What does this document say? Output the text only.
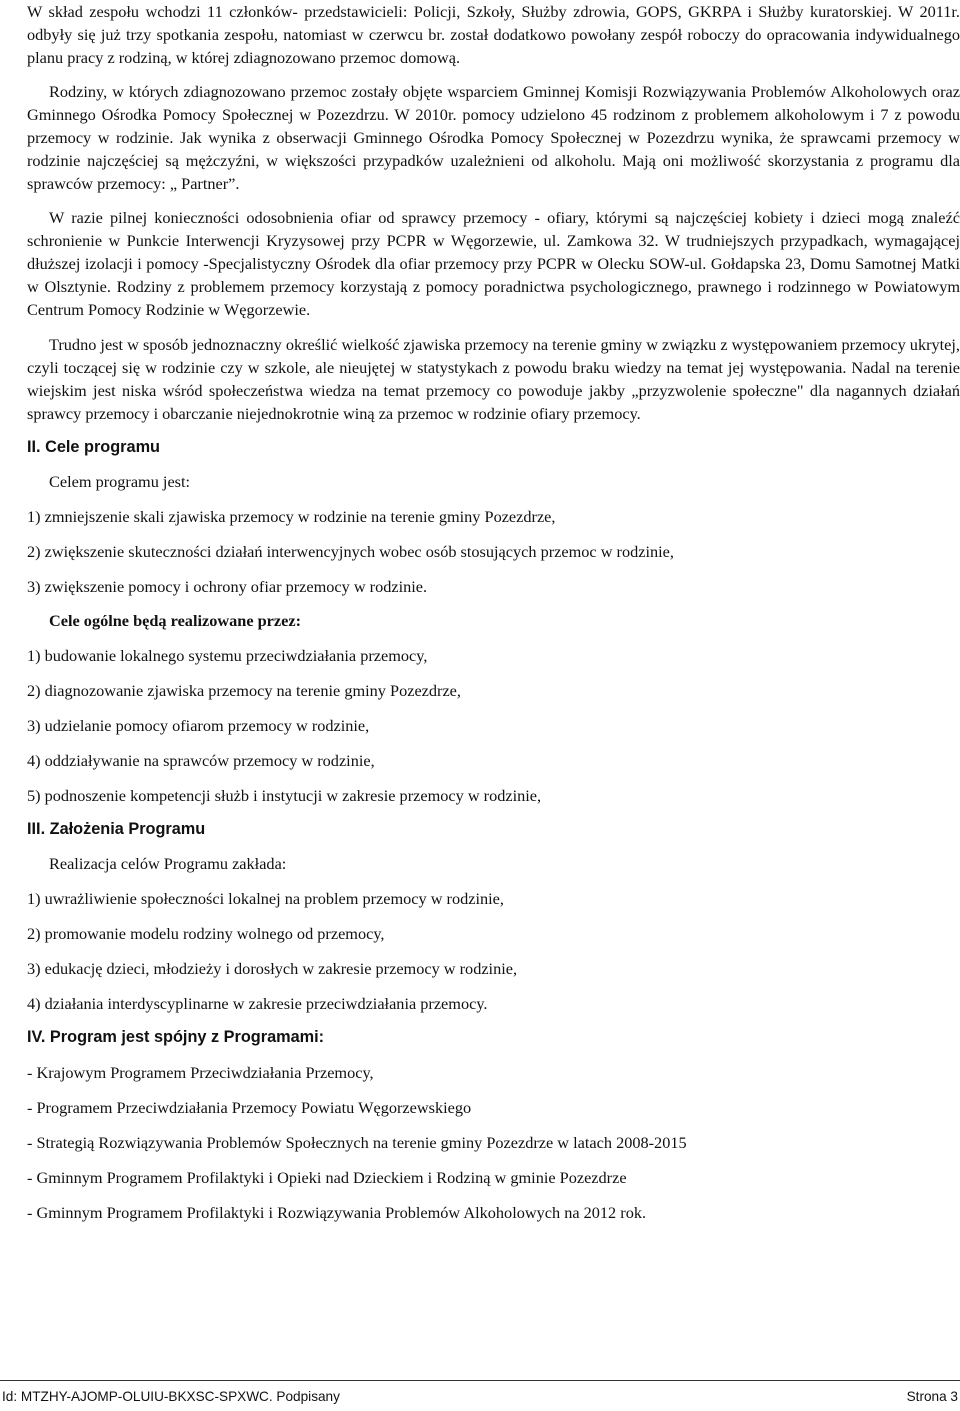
W skład zespołu wchodzi 11 członków- przedstawicieli: Policji, Szkoły, Służby zdrowia, GOPS, GKRPA i Służby kuratorskiej. W 2011r. odbyły się już trzy spotkania zespołu, natomiast w czerwcu br. został dodatkowo powołany zespół roboczy do opracowania indywidualnego planu pracy z rodziną, w której zdiagnozowano przemoc domową.

Rodziny, w których zdiagnozowano przemoc zostały objęte wsparciem Gminnej Komisji Rozwiązywania Problemów Alkoholowych oraz Gminnego Ośrodka Pomocy Społecznej w Pozezdrzu. W 2010r. pomocy udzielono 45 rodzinom z problemem alkoholowym i 7 z powodu przemocy w rodzinie. Jak wynika z obserwacji Gminnego Ośrodka Pomocy Społecznej w Pozezdrzu wynika, że sprawcami przemocy w rodzinie najczęściej są mężczyźni, w większości przypadków uzależnieni od alkoholu. Mają oni możliwość skorzystania z programu dla sprawców przemocy: „ Partner”.

W razie pilnej konieczności odosobnienia ofiar od sprawcy przemocy - ofiary, którymi są najczęściej kobiety i dzieci mogą znaleźć schronienie w Punkcie Interwencji Kryzysowej przy PCPR w Węgorzewie, ul. Zamkowa 32. W trudniejszych przypadkach, wymagającej dłuższej izolacji i pomocy -Specjalistyczny Ośrodek dla ofiar przemocy przy PCPR w Olecku SOW-ul. Gołdapska 23, Domu Samotnej Matki w Olsztynie. Rodziny z problemem przemocy korzystają z pomocy poradnictwa psychologicznego, prawnego i rodzinnego w Powiatowym Centrum Pomocy Rodzinie w Węgorzewie.

Trudno jest w sposób jednoznaczny określić wielkość zjawiska przemocy na terenie gminy w związku z występowaniem przemocy ukrytej, czyli toczącej się w rodzinie czy w szkole, ale nieujętej w statystykach z powodu braku wiedzy na temat jej występowania. Nadal na terenie wiejskim jest niska wśród społeczeństwa wiedza na temat przemocy co powoduje jakby „przyzwolenie społeczne" dla nagannych działań sprawcy przemocy i obarczanie niejednokrotnie winą za przemoc w rodzinie ofiary przemocy.

II. Cele programu

Celem programu jest:

1) zmniejszenie skali zjawiska przemocy w rodzinie na terenie gminy Pozezdrze,

2) zwiększenie skuteczności działań interwencyjnych wobec osób stosujących przemoc w rodzinie,

3) zwiększenie pomocy i ochrony ofiar przemocy w rodzinie.

Cele ogólne będą realizowane przez:

1) budowanie lokalnego systemu przeciwdziałania przemocy,

2) diagnozowanie zjawiska przemocy na terenie gminy Pozezdrze,

3) udzielanie pomocy ofiarom przemocy w rodzinie,

4) oddziaływanie na sprawców przemocy w rodzinie,

5) podnoszenie kompetencji służb i instytucji w zakresie przemocy w rodzinie,

III. Założenia Programu

Realizacja celów Programu zakłada:

1) uwrażliwienie społeczności lokalnej na problem przemocy w rodzinie,

2) promowanie modelu rodziny wolnego od przemocy,

3) edukację dzieci, młodzieży i dorosłych w zakresie przemocy w rodzinie,

4) działania interdyscyplinarne w zakresie przeciwdziałania przemocy.

IV. Program jest spójny z Programami:

- Krajowym Programem Przeciwdziałania Przemocy,

- Programem Przeciwdziałania Przemocy Powiatu Węgorzewskiego

- Strategią Rozwiązywania Problemów Społecznych na terenie gminy Pozezdrze w latach 2008-2015

- Gminnym Programem Profilaktyki i Opieki nad Dzieckiem i Rodziną w gminie Pozezdrze

- Gminnym Programem Profilaktyki i Rozwiązywania Problemów Alkoholowych na 2012 rok.

Id: MTZHY-AJOMP-OLUIU-BKXSC-SPXWC. Podpisany	Strona 3
